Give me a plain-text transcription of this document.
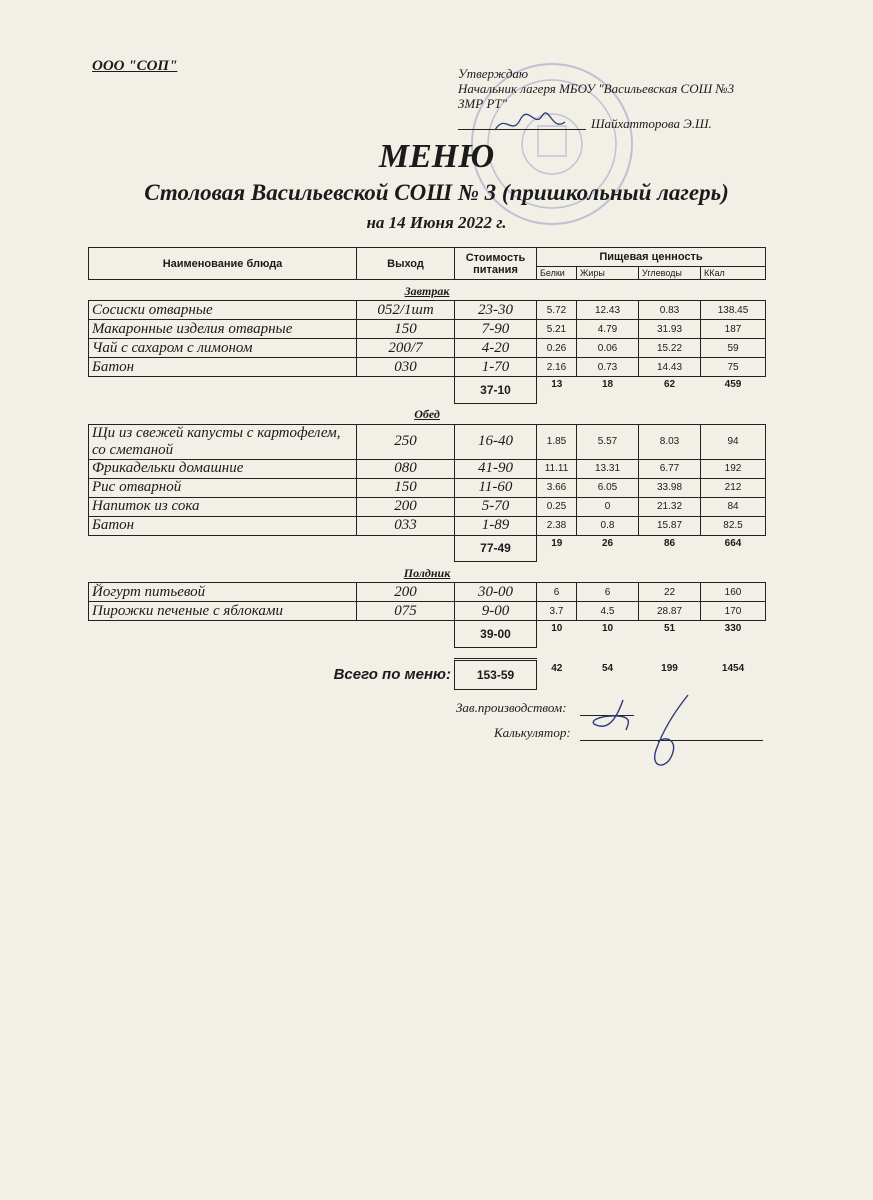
ООО "СОП"	Утверждаю
Начальник лагеря МБОУ "Васильевская СОШ №3 ЗМР РТ"
Шайхатторова Э.Ш.
МЕНЮ
Столовая Васильевской СОШ № 3 (пришкольный лагерь)
на 14 Июня 2022 г.
Наименование блюда	Выход	Стоимость
питания	Пищевая ценность			
			Белки	Жиры	Углеводы	ККал
Завтрак						
Сосиски отварные	052/1шт	23-30	5.72	12.43	0.83	138.45
Макаронные изделия отварные	150	7-90	5.21	4.79	31.93	187
Чай с сахаром с лимоном	200/7	4-20	0.26	0.06	15.22	59
Батон	030	1-70	2.16	0.73	14.43	75
		37-10	13	18	62	459
Обед						
Щи из свежей капусты с картофелем, со сметаной	250	16-40	1.85	5.57	8.03	94
Фрикадельки домашние	080	41-90	11.11	13.31	6.77	192
Рис отварной	150	11-60	3.66	6.05	33.98	212
Напиток из сока	200	5-70	0.25	0	21.32	84
Батон	033	1-89	2.38	0.8	15.87	82.5
		77-49	19	26	86	664
Полдник						
Йогурт питьевой	200	30-00	6	6	22	160
Пирожки печеные с яблоками	075	9-00	3.7	4.5	28.87	170
		39-00	10	10	51	330

Всего по меню:		153-59	42	54	199	1454
Зав.производством:
Калькулятор:
